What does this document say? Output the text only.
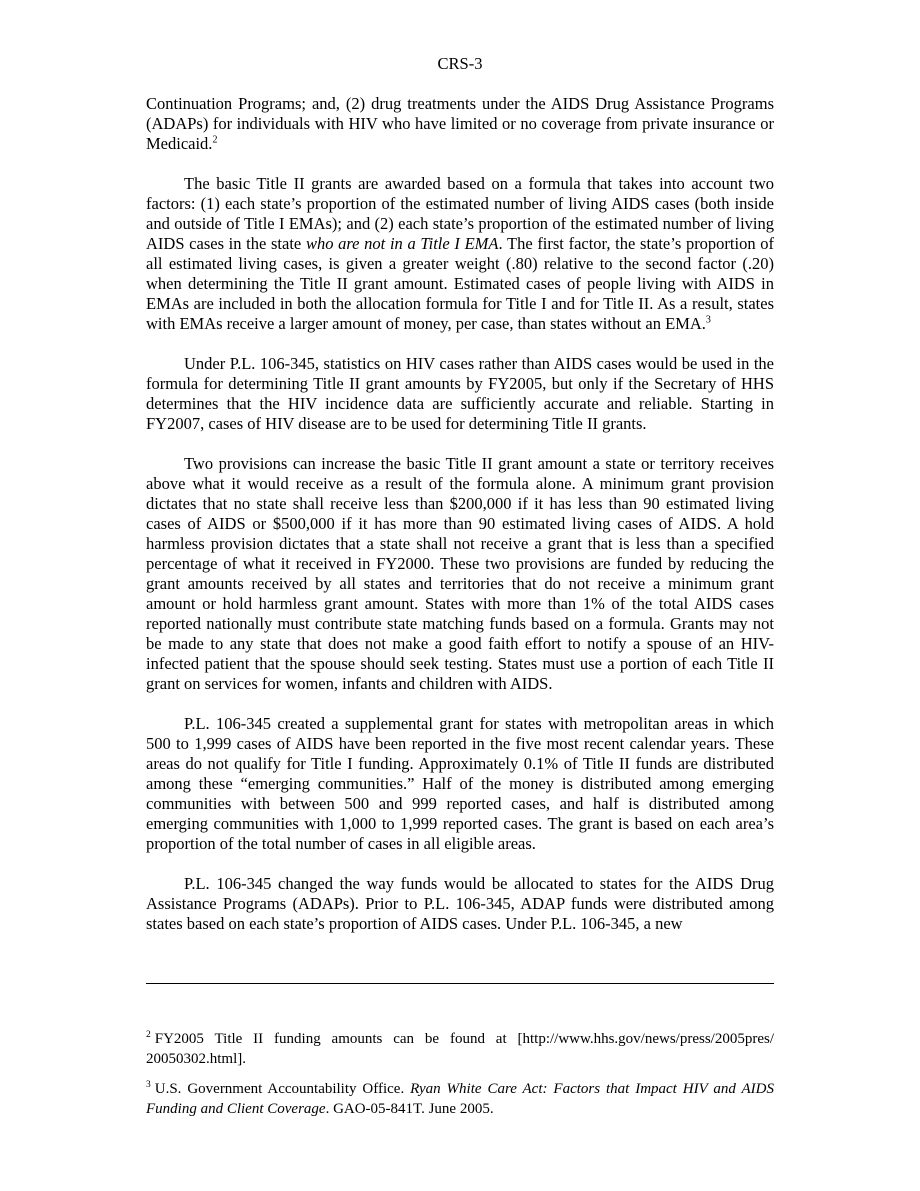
CRS-3

Continuation Programs; and, (2) drug treatments under the AIDS Drug Assistance Programs (ADAPs) for individuals with HIV who have limited or no coverage from private insurance or Medicaid.$^2$

The basic Title II grants are awarded based on a formula that takes into account two factors: (1) each state’s proportion of the estimated number of living AIDS cases (both inside and outside of Title I EMAs); and (2) each state’s proportion of the estimated number of living AIDS cases in the state who are not in a Title I EMA. The first factor, the state’s proportion of all estimated living cases, is given a greater weight (.80) relative to the second factor (.20) when determining the Title II grant amount. Estimated cases of people living with AIDS in EMAs are included in both the allocation formula for Title I and for Title II. As a result, states with EMAs receive a larger amount of money, per case, than states without an EMA.$^3$

Under P.L. 106-345, statistics on HIV cases rather than AIDS cases would be used in the formula for determining Title II grant amounts by FY2005, but only if the Secretary of HHS determines that the HIV incidence data are sufficiently accurate and reliable. Starting in FY2007, cases of HIV disease are to be used for determining Title II grants.

Two provisions can increase the basic Title II grant amount a state or territory receives above what it would receive as a result of the formula alone. A minimum grant provision dictates that no state shall receive less than $200,000 if it has less than 90 estimated living cases of AIDS or $500,000 if it has more than 90 estimated living cases of AIDS. A hold harmless provision dictates that a state shall not receive a grant that is less than a specified percentage of what it received in FY2000. These two provisions are funded by reducing the grant amounts received by all states and territories that do not receive a minimum grant amount or hold harmless grant amount. States with more than 1% of the total AIDS cases reported nationally must contribute state matching funds based on a formula. Grants may not be made to any state that does not make a good faith effort to notify a spouse of an HIV-infected patient that the spouse should seek testing. States must use a portion of each Title II grant on services for women, infants and children with AIDS.

P.L. 106-345 created a supplemental grant for states with metropolitan areas in which 500 to 1,999 cases of AIDS have been reported in the five most recent calendar years. These areas do not qualify for Title I funding. Approximately 0.1% of Title II funds are distributed among these “emerging communities.” Half of the money is distributed among emerging communities with between 500 and 999 reported cases, and half is distributed among emerging communities with 1,000 to 1,999 reported cases. The grant is based on each area’s proportion of the total number of cases in all eligible areas.

P.L. 106-345 changed the way funds would be allocated to states for the AIDS Drug Assistance Programs (ADAPs). Prior to P.L. 106-345, ADAP funds were distributed among states based on each state’s proportion of AIDS cases. Under P.L. 106-345, a new

$^2$ FY2005 Title II funding amounts can be found at [http://www.hhs.gov/news/press/2005pres/ 20050302.html].

$^3$ U.S. Government Accountability Office. Ryan White Care Act: Factors that Impact HIV and AIDS Funding and Client Coverage. GAO-05-841T. June 2005.
